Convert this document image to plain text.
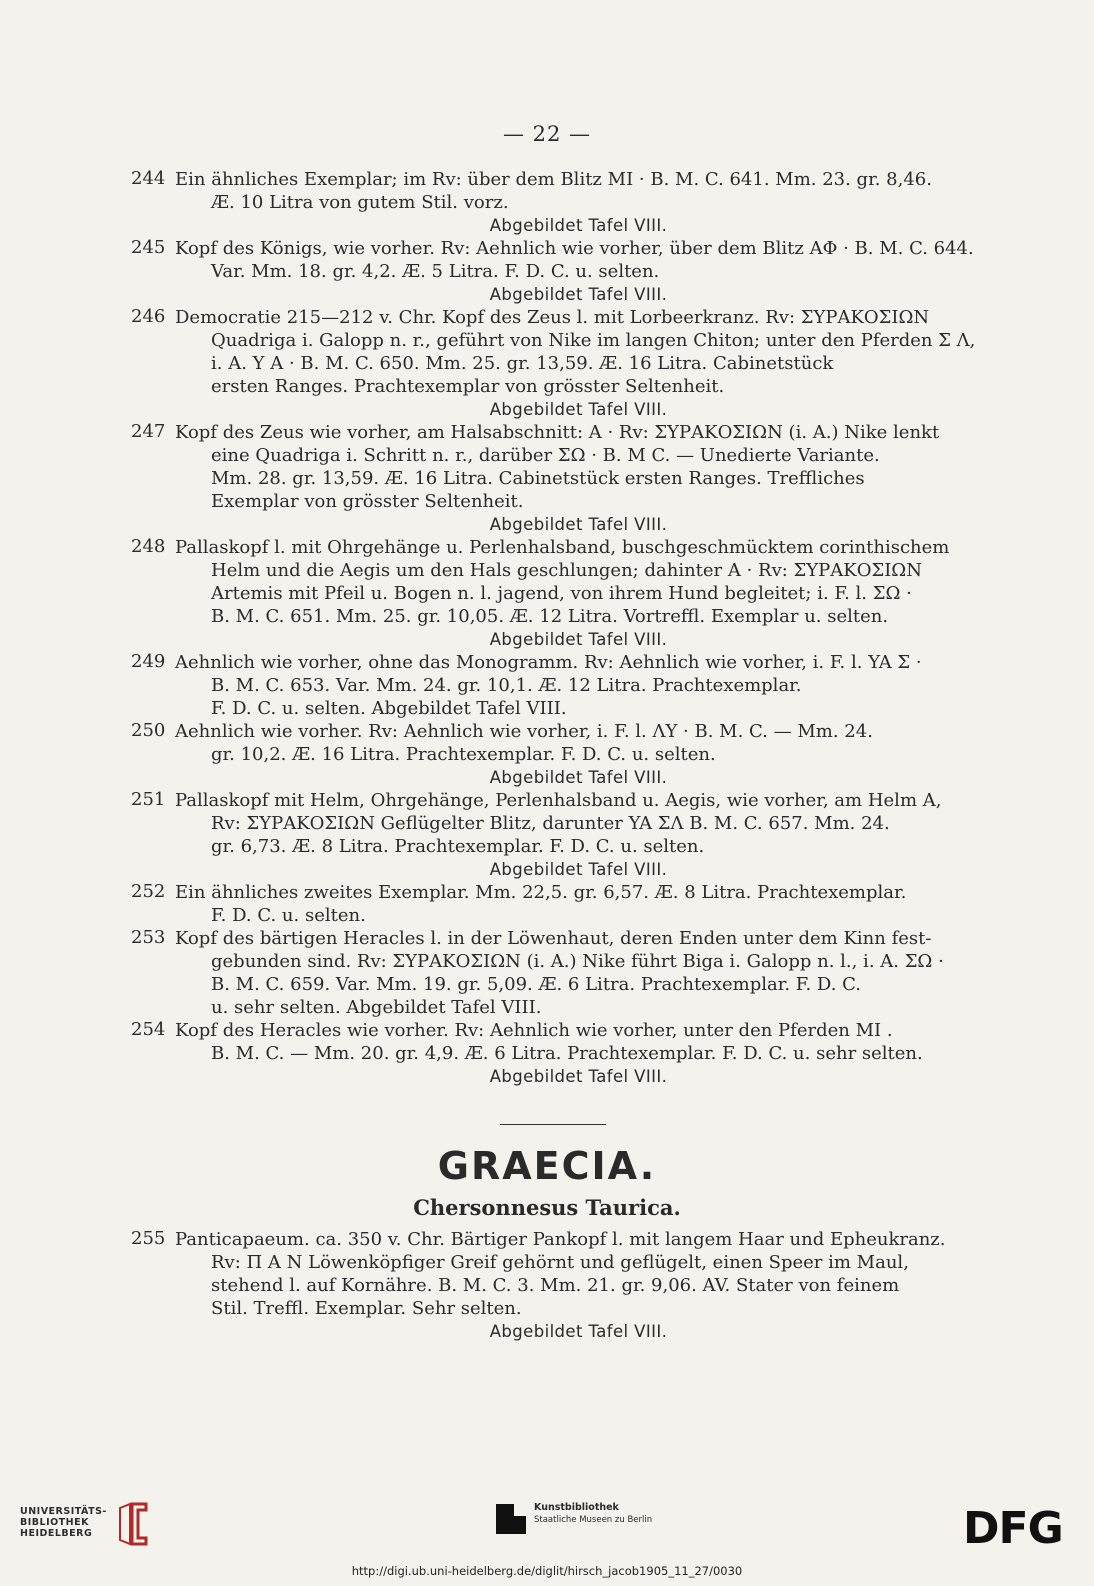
— 22 —
244 Ein ähnliches Exemplar; im Rv: über dem Blitz MI · B. M. C. 641. Mm. 23. gr. 8,46.
Æ. 10 Litra von gutem Stil. vorz.
Abgebildet Tafel VIII.
245 Kopf des Königs, wie vorher. Rv: Aehnlich wie vorher, über dem Blitz AΦ · B. M. C. 644.
Var. Mm. 18. gr. 4,2. Æ. 5 Litra. F. D. C. u. selten.
Abgebildet Tafel VIII.
246 Democratie 215—212 v. Chr. Kopf des Zeus l. mit Lorbeerkranz. Rv: ΣΥΡΑΚΟΣΙΩΝ
Quadriga i. Galopp n. r., geführt von Nike im langen Chiton; unter den Pferden Σ Λ,
i. A. Y A · B. M. C. 650. Mm. 25. gr. 13,59. Æ. 16 Litra. Cabinetstück
ersten Ranges. Prachtexemplar von grösster Seltenheit.
Abgebildet Tafel VIII.
247 Kopf des Zeus wie vorher, am Halsabschnitt: A · Rv: ΣΥΡΑΚΟΣΙΩΝ (i. A.) Nike lenkt
eine Quadriga i. Schritt n. r., darüber ΣΩ · B. M C. — Unedierte Variante.
Mm. 28. gr. 13,59. Æ. 16 Litra. Cabinetstück ersten Ranges. Treffliches
Exemplar von grösster Seltenheit.
Abgebildet Tafel VIII.
248 Pallaskopf l. mit Ohrgehänge u. Perlenhalsband, buschgeschmücktem corinthischem
Helm und die Aegis um den Hals geschlungen; dahinter A · Rv: ΣΥΡΑΚΟΣΙΩΝ
Artemis mit Pfeil u. Bogen n. l. jagend, von ihrem Hund begleitet; i. F. l. ΣΩ ·
B. M. C. 651. Mm. 25. gr. 10,05. Æ. 12 Litra. Vortreffl. Exemplar u. selten.
Abgebildet Tafel VIII.
249 Aehnlich wie vorher, ohne das Monogramm. Rv: Aehnlich wie vorher, i. F. l. YA Σ ·
B. M. C. 653. Var. Mm. 24. gr. 10,1. Æ. 12 Litra. Prachtexemplar.
F. D. C. u. selten. Abgebildet Tafel VIII.
250 Aehnlich wie vorher. Rv: Aehnlich wie vorher, i. F. l. ΛY · B. M. C. — Mm. 24.
gr. 10,2. Æ. 16 Litra. Prachtexemplar. F. D. C. u. selten.
Abgebildet Tafel VIII.
251 Pallaskopf mit Helm, Ohrgehänge, Perlenhalsband u. Aegis, wie vorher, am Helm A,
Rv: ΣΥΡΑΚΟΣΙΩΝ Geflügelter Blitz, darunter YA ΣΛ B. M. C. 657. Mm. 24.
gr. 6,73. Æ. 8 Litra. Prachtexemplar. F. D. C. u. selten.
Abgebildet Tafel VIII.
252 Ein ähnliches zweites Exemplar. Mm. 22,5. gr. 6,57. Æ. 8 Litra. Prachtexemplar.
F. D. C. u. selten.
253 Kopf des bärtigen Heracles l. in der Löwenhaut, deren Enden unter dem Kinn fest-
gebunden sind. Rv: ΣΥΡΑΚΟΣΙΩΝ (i. A.) Nike führt Biga i. Galopp n. l., i. A. ΣΩ ·
B. M. C. 659. Var. Mm. 19. gr. 5,09. Æ. 6 Litra. Prachtexemplar. F. D. C.
u. sehr selten. Abgebildet Tafel VIII.
254 Kopf des Heracles wie vorher. Rv: Aehnlich wie vorher, unter den Pferden MI .
B. M. C. — Mm. 20. gr. 4,9. Æ. 6 Litra. Prachtexemplar. F. D. C. u. sehr selten.
Abgebildet Tafel VIII.
GRAECIA.
Chersonnesus Taurica.
255 Panticapaeum. ca. 350 v. Chr. Bärtiger Pankopf l. mit langem Haar und Epheukranz.
Rv: Π A N Löwenköpfiger Greif gehörnt und geflügelt, einen Speer im Maul,
stehend l. auf Kornähre. B. M. C. 3. Mm. 21. gr. 9,06. AV. Stater von feinem
Stil. Treffl. Exemplar. Sehr selten.
Abgebildet Tafel VIII.
UNIVERSITÄTS-
BIBLIOTHEK
HEIDELBERG
Kunstbibliothek
Staatliche Museen zu Berlin	DFG
http://digi.ub.uni-heidelberg.de/diglit/hirsch_jacob1905_11_27/0030
